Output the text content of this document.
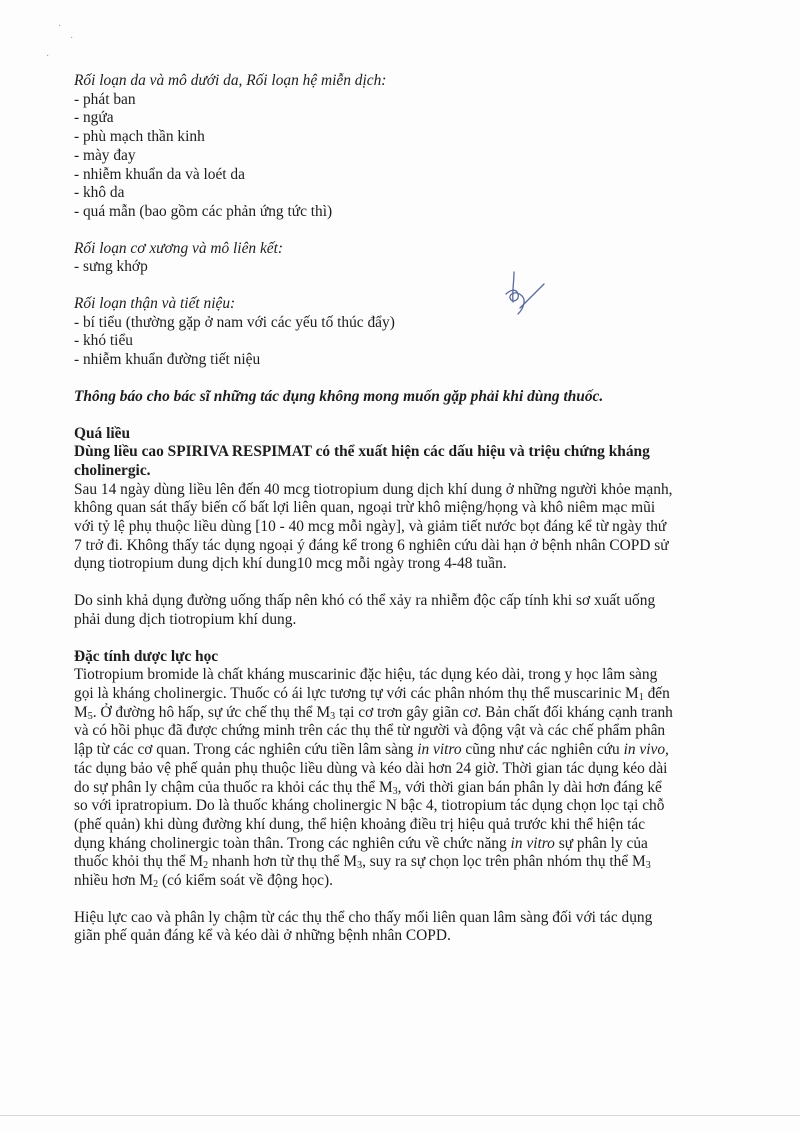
·
·
·

Rối loạn da và mô dưới da, Rối loạn hệ miễn dịch:

- phát ban

- ngứa

- phù mạch thần kinh

- mày đay

- nhiễm khuẩn da và loét da

- khô da

- quá mẫn (bao gồm các phản ứng tức thì)

Rối loạn cơ xương và mô liên kết:

- sưng khớp

Rối loạn thận và tiết niệu:

- bí tiểu (thường gặp ở nam với các yếu tố thúc đẩy)

- khó tiểu

- nhiễm khuẩn đường tiết niệu

Thông báo cho bác sĩ những tác dụng không mong muốn gặp phải khi dùng thuốc.

Quá liều

Dùng liều cao SPIRIVA RESPIMAT có thể xuất hiện các dấu hiệu và triệu chứng kháng

cholinergic.

Sau 14 ngày dùng liều lên đến 40 mcg tiotropium dung dịch khí dung ở những người khỏe mạnh,

không quan sát thấy biến cố bất lợi liên quan, ngoại trừ khô miệng/họng và khô niêm mạc mũi

với tỷ lệ phụ thuộc liều dùng [10 - 40 mcg mỗi ngày], và giảm tiết nước bọt đáng kể từ ngày thứ

7 trở đi. Không thấy tác dụng ngoại ý đáng kể trong 6 nghiên cứu dài hạn ở bệnh nhân COPD sử

dụng tiotropium dung dịch khí dung10 mcg mỗi ngày trong 4-48 tuần.

Do sinh khả dụng đường uống thấp nên khó có thể xảy ra nhiễm độc cấp tính khi sơ xuất uống

phải dung dịch tiotropium khí dung.

Đặc tính dược lực học

Tiotropium bromide là chất kháng muscarinic đặc hiệu, tác dụng kéo dài, trong y học lâm sàng

gọi là kháng cholinergic. Thuốc có ái lực tương tự với các phân nhóm thụ thể muscarinic $M_1$ đến

$M_5$. Ở đường hô hấp, sự ức chế thụ thể $M_3$ tại cơ trơn gây giãn cơ. Bản chất đối kháng cạnh tranh

và có hồi phục đã được chứng minh trên các thụ thể từ người và động vật và các chế phẩm phân

lập từ các cơ quan. Trong các nghiên cứu tiền lâm sàng in vitro cũng như các nghiên cứu in vivo,

tác dụng bảo vệ phế quản phụ thuộc liều dùng và kéo dài hơn 24 giờ. Thời gian tác dụng kéo dài

do sự phân ly chậm của thuốc ra khỏi các thụ thể $M_3$, với thời gian bán phân ly dài hơn đáng kể

so với ipratropium. Do là thuốc kháng cholinergic N bậc 4, tiotropium tác dụng chọn lọc tại chỗ

(phế quản) khi dùng đường khí dung, thể hiện khoảng điều trị hiệu quả trước khi thể hiện tác

dụng kháng cholinergic toàn thân. Trong các nghiên cứu về chức năng in vitro sự phân ly của

thuốc khỏi thụ thể $M_2$ nhanh hơn từ thụ thể $M_3$, suy ra sự chọn lọc trên phân nhóm thụ thể $M_3$

nhiều hơn $M_2$ (có kiểm soát về động học).

Hiệu lực cao và phân ly chậm từ các thụ thể cho thấy mối liên quan lâm sàng đối với tác dụng

giãn phế quản đáng kể và kéo dài ở những bệnh nhân COPD.
